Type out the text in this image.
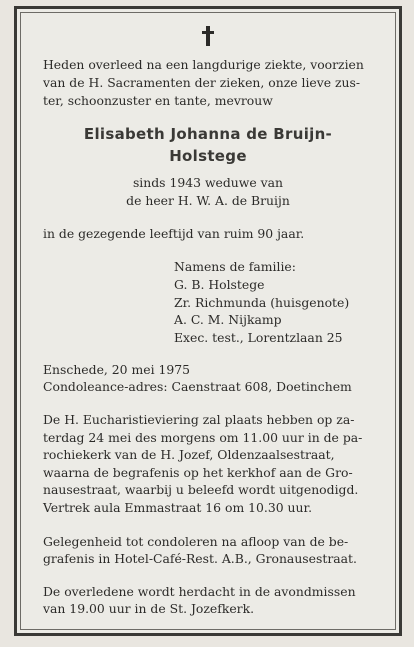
Heden overleed na een langdurige ziekte, voorzien
van de H. Sacramenten der zieken, onze lieve zus-
ter, schoonzuster en tante, mevrouw
Elisabeth Johanna de Bruijn-
Holstege
sinds 1943 weduwe van
de heer H. W. A. de Bruijn
in de gezegende leeftijd van ruim 90 jaar.
Namens de familie:
G. B. Holstege
Zr. Richmunda (huisgenote)
A. C. M. Nijkamp
Exec. test., Lorentzlaan 25
Enschede, 20 mei 1975
Condoleance-adres: Caenstraat 608, Doetinchem
De H. Eucharistieviering zal plaats hebben op za-
terdag 24 mei des morgens om 11.00 uur in de pa-
rochiekerk van de H. Jozef, Oldenzaalsestraat,
waarna de begrafenis op het kerkhof aan de Gro-
nausestraat, waarbij u beleefd wordt uitgenodigd.
Vertrek aula Emmastraat 16 om 10.30 uur.
Gelegenheid tot condoleren na afloop van de be-
grafenis in Hotel-Café-Rest. A.B., Gronausestraat.
De overledene wordt herdacht in de avondmissen
van 19.00 uur in de St. Jozefkerk.
